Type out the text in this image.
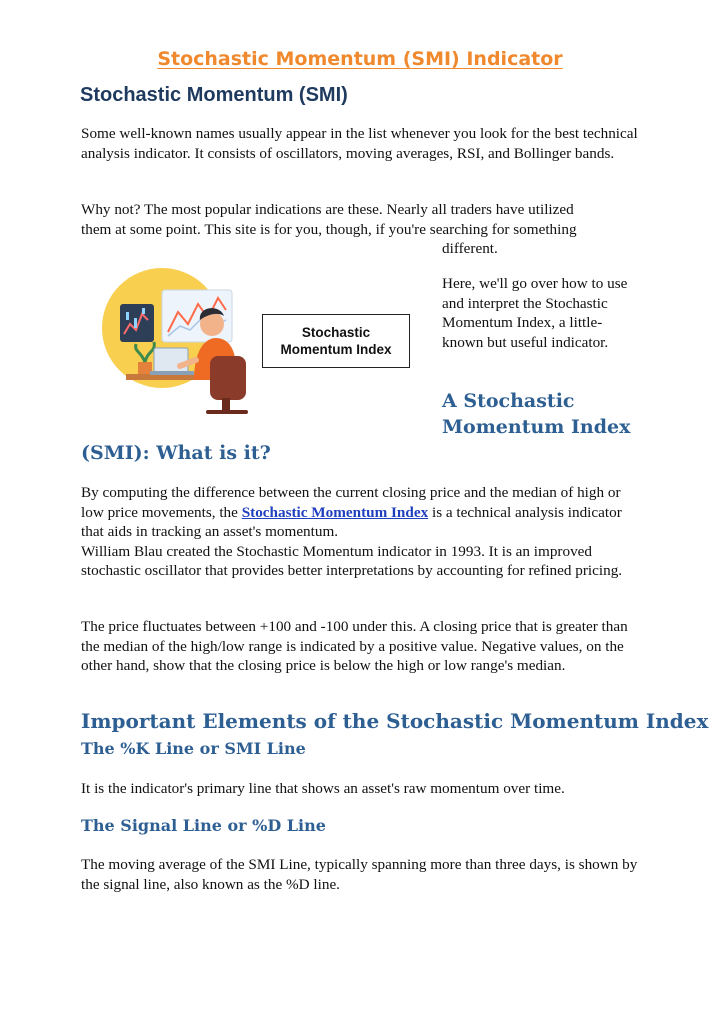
Stochastic Momentum (SMI) Indicator
Stochastic Momentum (SMI)

Some well-known names usually appear in the list whenever you look for the best technical analysis indicator. It consists of oscillators, moving averages, RSI, and Bollinger bands.

Why not? The most popular indications are these. Nearly all traders have utilized

them at some point. This site is for you, though, if you're searching for something

different.

Stochastic
Momentum Index

Here, we'll go over how to use and interpret the Stochastic Momentum Index, a little-known but useful indicator.

A Stochastic
Momentum Index
(SMI): What is it?

By computing the difference between the current closing price and the median of high or low price movements, the Stochastic Momentum Index is a technical analysis indicator that aids in tracking an asset's momentum.

William Blau created the Stochastic Momentum indicator in 1993. It is an improved stochastic oscillator that provides better interpretations by accounting for refined pricing.

The price fluctuates between +100 and -100 under this. A closing price that is greater than the median of the high/low range is indicated by a positive value. Negative values, on the other hand, show that the closing price is below the high or low range's median.

Important Elements of the Stochastic Momentum Index
The %K Line or SMI Line

It is the indicator's primary line that shows an asset's raw momentum over time.

The Signal Line or %D Line

The moving average of the SMI Line, typically spanning more than three days, is shown by the signal line, also known as the %D line.
